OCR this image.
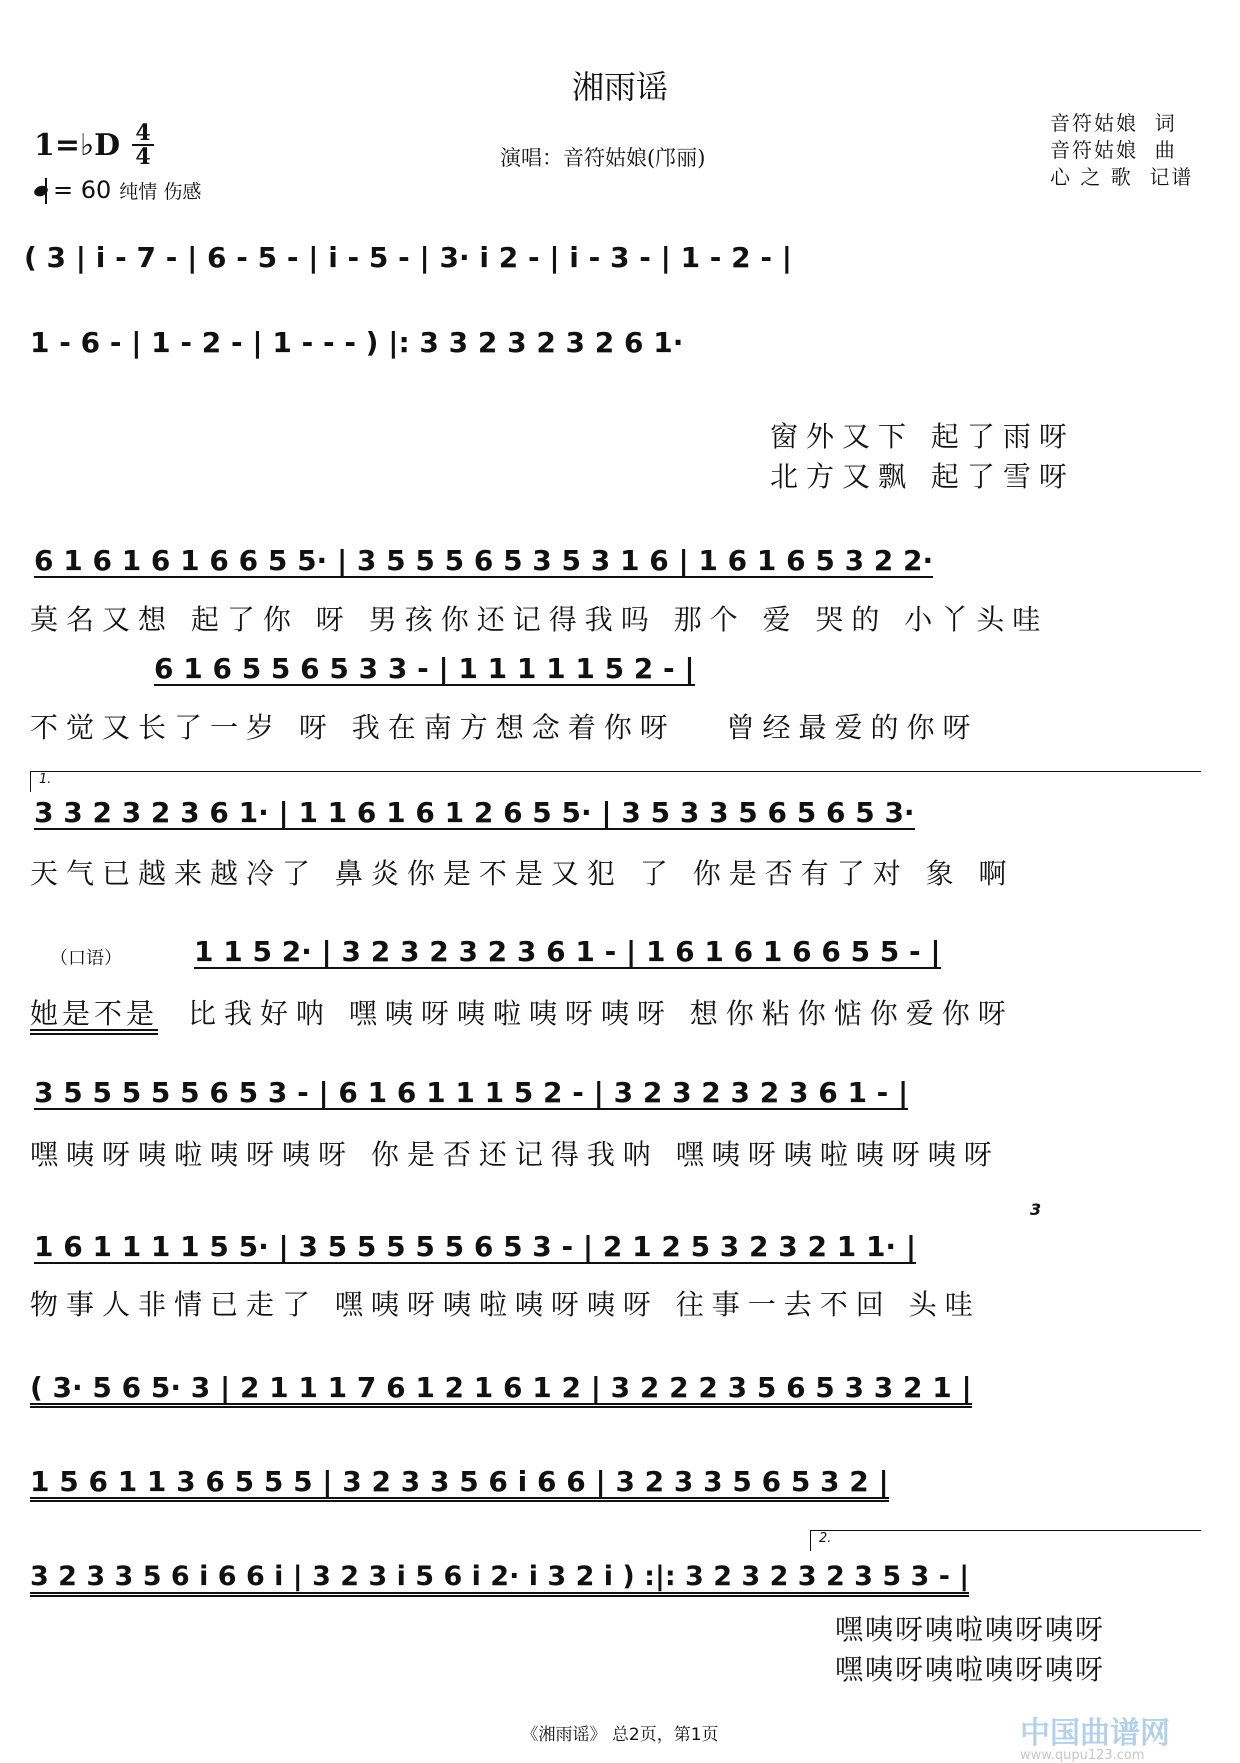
湘雨谣
1=♭D 4
4
= 60 纯情 伤感
演唱：音符姑娘(邝丽)
音符姑娘  词
音符姑娘  曲
心 之 歌  记谱
( 3 | i - 7 - | 6 - 5 - | i - 5 - | 3· i 2 - | i - 3 - | 1 - 2 - |
1 - 6 - | 1 - 2 - | 1 - - - ) |: 3 3 2 3 2 3 2 6 1·
窗外又下 起了雨呀
北方又飘 起了雪呀
6 1 6 1 6 1 6 6 5 5· | 3 5 5 5 6 5 3 5 3 1 6 | 1 6 1 6 5 3 2 2·
莫名又想 起了你 呀 男孩你还记得我吗 那个 爱 哭的 小丫头哇
6 1 6 5 5 6 5 3 3 - | 1 1 1 1 1 5 2 - |
不觉又长了一岁 呀 我在南方想念着你呀   曾经最爱的你呀
1.
3 3 2 3 2 3 6 1· | 1 1 6 1 6 1 2 6 5 5· | 3 5 3 3 5 6 5 6 5 3·
天气已越来越冷了 鼻炎你是不是又犯 了 你是否有了对 象 啊
（口语）	1 1 5 2· | 3 2 3 2 3 2 3 6 1 - | 1 6 1 6 1 6 6 5 5 - |
她是不是 比我好呐 嘿咦呀咦啦咦呀咦呀 想你粘你惦你爱你呀
3 5 5 5 5 5 6 5 3 - | 6 1 6 1 1 1 5 2 - | 3 2 3 2 3 2 3 6 1 - |
嘿咦呀咦啦咦呀咦呀 你是否还记得我呐 嘿咦呀咦啦咦呀咦呀
3
1 6 1 1 1 1 5 5· | 3 5 5 5 5 5 6 5 3 - | 2 1 2 5 3 2 3 2 1 1· |
物事人非情已走了 嘿咦呀咦啦咦呀咦呀 往事一去不回 头哇
( 3· 5 6 5· 3 | 2 1 1 1 7 6 1 2 1 6 1 2 | 3 2 2 2 3 5 6 5 3 3 2 1 |
1 5 6 1 1 3 6 5 5 5 | 3 2 3 3 5 6 i 6 6 | 3 2 3 3 5 6 5 3 2 |
2.
3 2 3 3 5 6 i 6 6 i | 3 2 3 i 5 6 i 2· i 3 2 i ) :|: 3 2 3 2 3 2 3 5 3 - |
嘿咦呀咦啦咦呀咦呀
嘿咦呀咦啦咦呀咦呀
《湘雨谣》 总2页，第1页	中国曲谱网
www.qupu123.com
